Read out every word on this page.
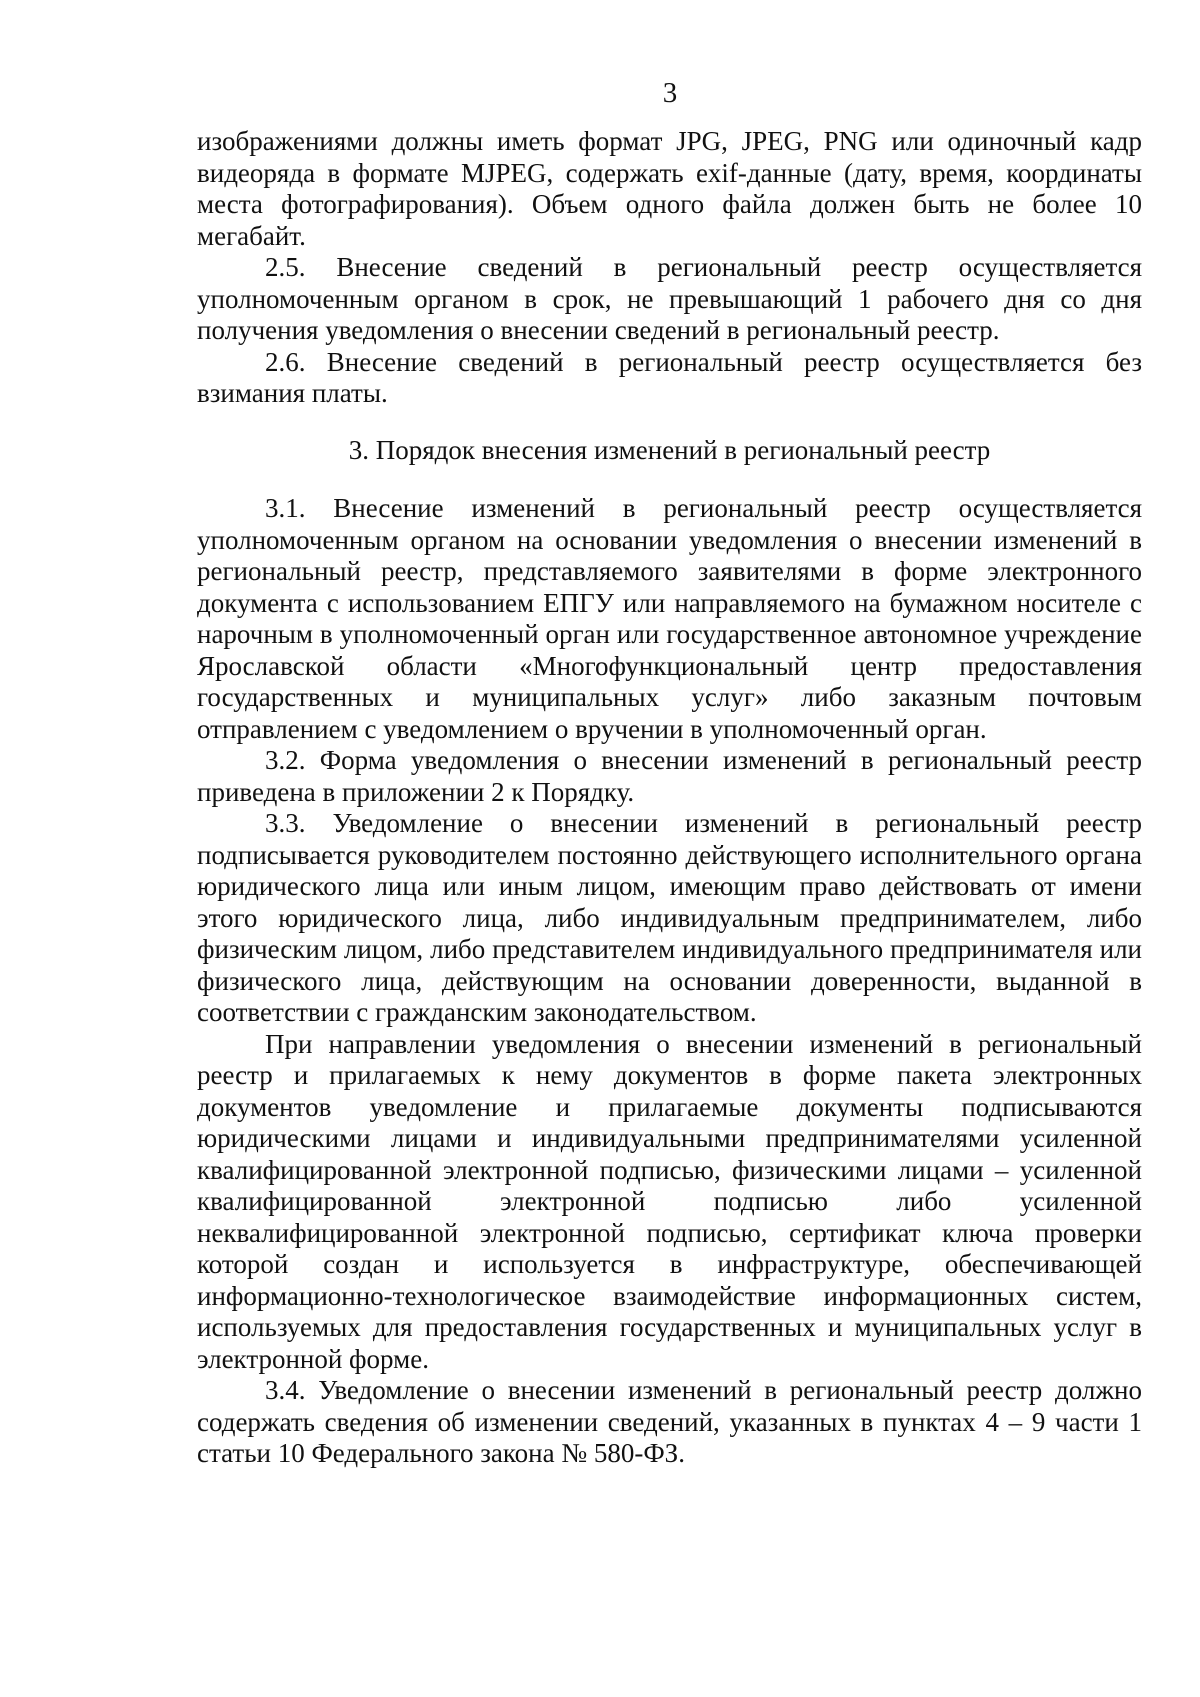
3

изображениями должны иметь формат JPG, JPEG, PNG или одиночный кадр видеоряда в формате MJPEG, содержать exif-данные (дату, время, координаты места фотографирования). Объем одного файла должен быть не более 10 мегабайт.

2.5. Внесение сведений в региональный реестр осуществляется уполномоченным органом в срок, не превышающий 1 рабочего дня со дня получения уведомления о внесении сведений в региональный реестр.

2.6. Внесение сведений в региональный реестр осуществляется без взимания платы.

3. Порядок внесения изменений в региональный реестр

3.1. Внесение изменений в региональный реестр осуществляется уполномоченным органом на основании уведомления о внесении изменений в региональный реестр, представляемого заявителями в форме электронного документа с использованием ЕПГУ или направляемого на бумажном носителе с нарочным в уполномоченный орган или государственное автономное учреждение Ярославской области «Многофункциональный центр предоставления государственных и муниципальных услуг» либо заказным почтовым отправлением с уведомлением о вручении в уполномоченный орган.

3.2. Форма уведомления о внесении изменений в региональный реестр приведена в приложении 2 к Порядку.

3.3. Уведомление о внесении изменений в региональный реестр подписывается руководителем постоянно действующего исполнительного органа юридического лица или иным лицом, имеющим право действовать от имени этого юридического лица, либо индивидуальным предпринимателем, либо физическим лицом, либо представителем индивидуального предпринимателя или физического лица, действующим на основании доверенности, выданной в соответствии с гражданским законодательством.

При направлении уведомления о внесении изменений в региональный реестр и прилагаемых к нему документов в форме пакета электронных документов уведомление и прилагаемые документы подписываются юридическими лицами и индивидуальными предпринимателями усиленной квалифицированной электронной подписью, физическими лицами – усиленной квалифицированной электронной подписью либо усиленной неквалифицированной электронной подписью, сертификат ключа проверки которой создан и используется в инфраструктуре, обеспечивающей информационно-технологическое взаимодействие информационных систем, используемых для предоставления государственных и муниципальных услуг в электронной форме.

3.4. Уведомление о внесении изменений в региональный реестр должно содержать сведения об изменении сведений, указанных в пунктах 4 – 9 части 1 статьи 10 Федерального закона № 580-ФЗ.
